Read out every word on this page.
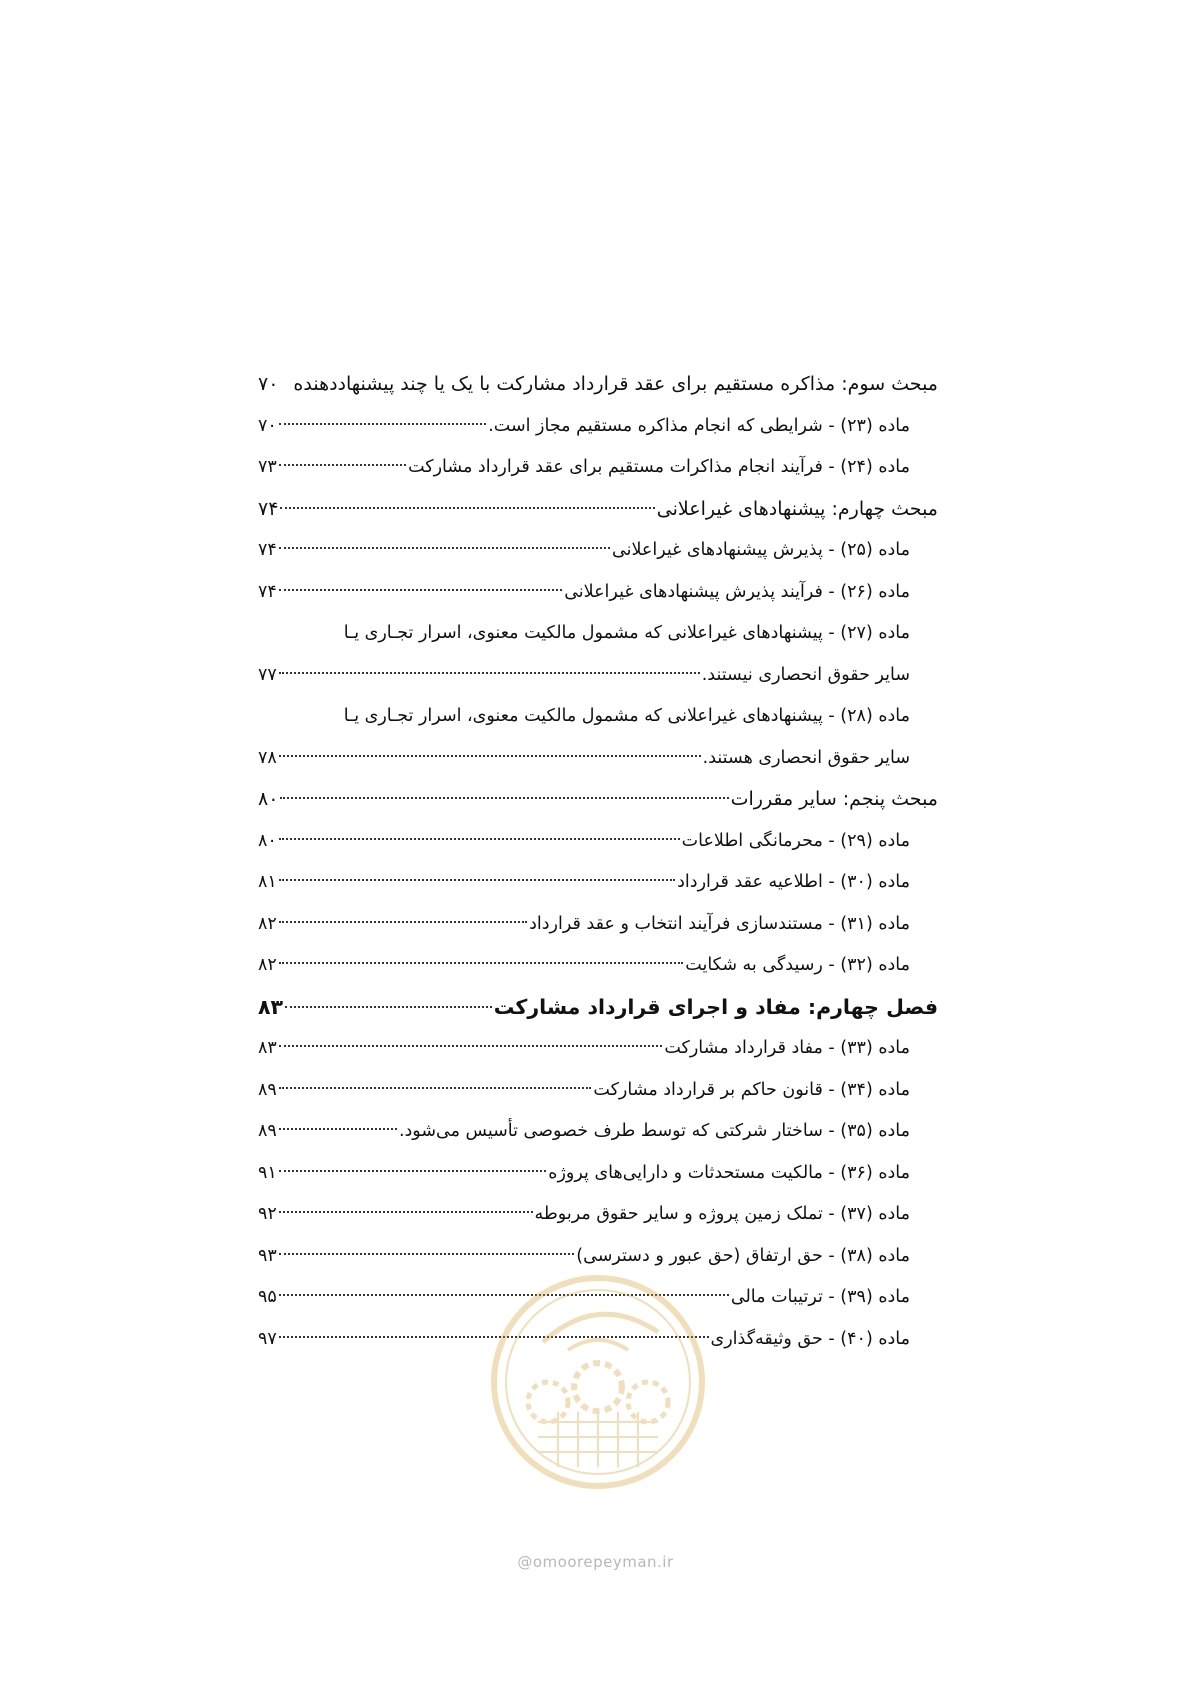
مبحث سوم: مذاکره مستقیم برای عقد قرارداد مشارکت با یک یا چند پیشنهاددهنده
۷۰
ماده (۲۳) - شرایطی که انجام مذاکره مستقیم مجاز است.
۷۰
ماده (۲۴) - فرآیند انجام مذاکرات مستقیم برای عقد قرارداد مشارکت
۷۳
مبحث چهارم: پیشنهادهای غیراعلانی
۷۴
ماده (۲۵) - پذیرش پیشنهادهای غیراعلانی
۷۴
ماده (۲۶) - فرآیند پذیرش پیشنهادهای غیراعلانی
۷۴
ماده (۲۷) - پیشنهادهای غیراعلانی که مشمول مالکیت معنوی، اسرار تجـاری یـا
سایر حقوق انحصاری نیستند.
۷۷
ماده (۲۸) - پیشنهادهای غیراعلانی که مشمول مالکیت معنوی، اسرار تجـاری یـا
سایر حقوق انحصاری هستند.
۷۸
مبحث پنجم: سایر مقررات
۸۰
ماده (۲۹) - محرمانگی اطلاعات
۸۰
ماده (۳۰) - اطلاعیه عقد قرارداد
۸۱
ماده (۳۱) - مستندسازی فرآیند انتخاب و عقد قرارداد
۸۲
ماده (۳۲) - رسیدگی به شکایت
۸۲
فصل چهارم: مفاد و اجرای قرارداد مشارکت
۸۳
ماده (۳۳) - مفاد قرارداد مشارکت
۸۳
ماده (۳۴) - قانون حاکم بر قرارداد مشارکت
۸۹
ماده (۳۵) - ساختار شرکتی که توسط طرف خصوصی تأسیس می‌شود.
۸۹
ماده (۳۶) - مالکیت مستحدثات و دارایی‌های پروژه
۹۱
ماده (۳۷) - تملک زمین پروژه و سایر حقوق مربوطه
۹۲
ماده (۳۸) - حق ارتفاق (حق عبور و دسترسی)
۹۳
ماده (۳۹) - ترتیبات مالی
۹۵
ماده (۴۰) - حق وثیقه‌گذاری
۹۷
@omoorepeyman.ir
